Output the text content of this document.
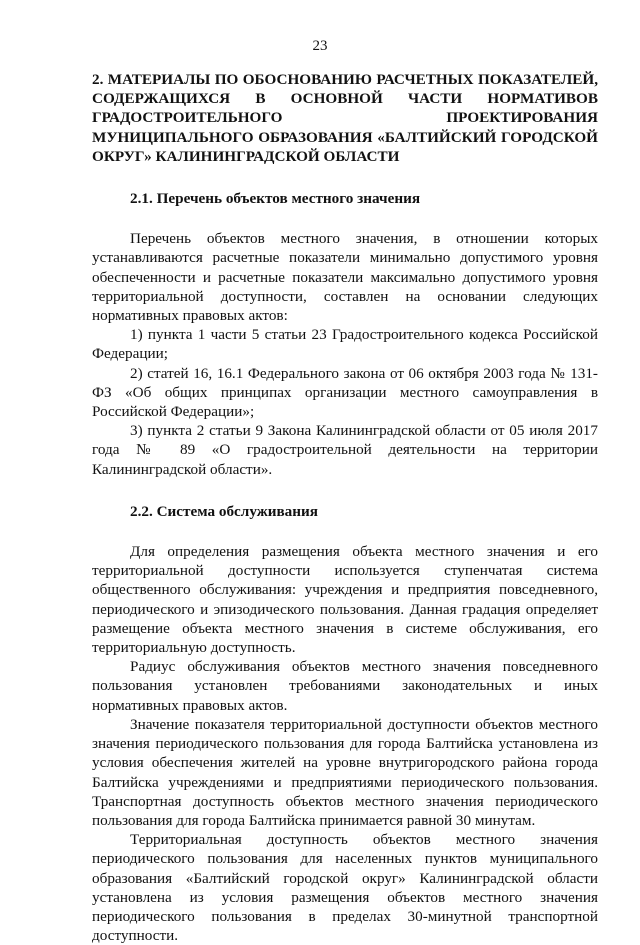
23

2. МАТЕРИАЛЫ ПО ОБОСНОВАНИЮ РАСЧЕТНЫХ ПОКАЗАТЕЛЕЙ, СОДЕРЖАЩИХСЯ В ОСНОВНОЙ ЧАСТИ НОРМАТИВОВ ГРАДОСТРОИТЕЛЬНОГО ПРОЕКТИРОВАНИЯ МУНИЦИПАЛЬНОГО ОБРАЗОВАНИЯ «БАЛТИЙСКИЙ ГОРОДСКОЙ ОКРУГ» КАЛИНИНГРАДСКОЙ ОБЛАСТИ

2.1. Перечень объектов местного значения

Перечень объектов местного значения, в отношении которых устанавливаются расчетные показатели минимально допустимого уровня обеспеченности и расчетные показатели максимально допустимого уровня территориальной доступности, составлен на основании следующих нормативных правовых актов:

1) пункта 1 части 5 статьи 23 Градостроительного кодекса Российской Федерации;

2) статей 16, 16.1 Федерального закона от 06 октября 2003 года № 131-ФЗ «Об общих принципах организации местного самоуправления в Российской Федерации»;

3) пункта 2 статьи 9 Закона Калининградской области от 05 июля 2017 года № 89 «О градостроительной деятельности на территории Калининградской области».

2.2. Система обслуживания

Для определения размещения объекта местного значения и его территориальной доступности используется ступенчатая система общественного обслуживания: учреждения и предприятия повседневного, периодического и эпизодического пользования. Данная градация определяет размещение объекта местного значения в системе обслуживания, его территориальную доступность.

Радиус обслуживания объектов местного значения повседневного пользования установлен требованиями законодательных и иных нормативных правовых актов.

Значение показателя территориальной доступности объектов местного значения периодического пользования для города Балтийска установлена из условия обеспечения жителей на уровне внутригородского района города Балтийска учреждениями и предприятиями периодического пользования. Транспортная доступность объектов местного значения периодического пользования для города Балтийска принимается равной 30 минутам.

Территориальная доступность объектов местного значения периодического пользования для населенных пунктов муниципального образования «Балтийский городской округ» Калининградской области установлена из условия размещения объектов местного значения периодического пользования в пределах 30-минутной транспортной доступности.
